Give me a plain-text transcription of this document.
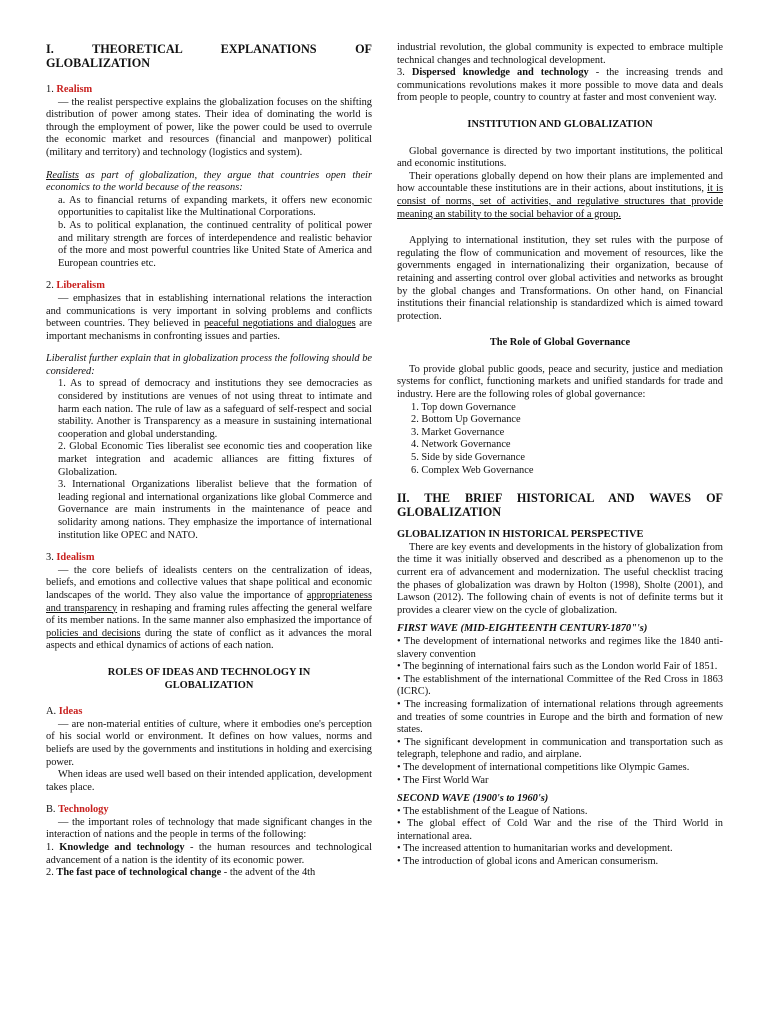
I. THEORETICAL EXPLANATIONS OF
GLOBALIZATION

1. Realism

— the realist perspective explains the globalization focuses on the shifting distribution of power among states. Their idea of dominating the world is through the employment of power, like the power could be used to overrule the economic market and resources (financial and manpower) political (military and territory) and technology (logistics and system).

Realists as part of globalization, they argue that countries open their economics to the world because of the reasons:

a. As to financial returns of expanding markets, it offers new economic opportunities to capitalist like the Multinational Corporations.

b. As to political explanation, the continued centrality of political power and military strength are forces of interdependence and realistic behavior of the more and most powerful countries like United State of America and European countries etc.

2. Liberalism

— emphasizes that in establishing international relations the interaction and communications is very important in solving problems and conflicts between countries. They believed in peaceful negotiations and dialogues are important mechanisms in confronting issues and parties.

Liberalist further explain that in globalization process the following should be considered:

1. As to spread of democracy and institutions they see democracies as considered by institutions are venues of not using threat to intimate and harm each nation. The rule of law as a safeguard of self-respect and social stability. Another is Transparency as a measure in sustaining international cooperation and global understanding.

2. Global Economic Ties liberalist see economic ties and cooperation like market integration and academic alliances are fitting fixtures of Globalization.

3. International Organizations liberalist believe that the formation of leading regional and international organizations like global Commerce and Governance are main instruments in the maintenance of peace and solidarity among nations. They emphasize the importance of international institution like OPEC and NATO.

3. Idealism

— the core beliefs of idealists centers on the centralization of ideas, beliefs, and emotions and collective values that shape political and economic landscapes of the world. They also value the importance of appropriateness and transparency in reshaping and framing rules affecting the general welfare of its member nations. In the same manner also emphasized the importance of policies and decisions during the state of conflict as it advances the moral aspects and ethical dynamics of actions of each nation.

ROLES OF IDEAS AND TECHNOLOGY IN
GLOBALIZATION

A. Ideas

— are non-material entities of culture, where it embodies one's perception of his social world or environment. It defines on how values, norms and beliefs are used by the governments and institutions in holding and exercising power.

When ideas are used well based on their intended application, development takes place.

B. Technology

— the important roles of technology that made significant changes in the interaction of nations and the people in terms of the following:

1. Knowledge and technology - the human resources and technological advancement of a nation is the identity of its economic power.

2. The fast pace of technological change - the advent of the 4th

industrial revolution, the global community is expected to embrace multiple technical changes and technological development.

3. Dispersed knowledge and technology - the increasing trends and communications revolutions makes it more possible to move data and deals from people to people, country to country at faster and most convenient way.

INSTITUTION AND GLOBALIZATION

Global governance is directed by two important institutions, the political and economic institutions.

Their operations globally depend on how their plans are implemented and how accountable these institutions are in their actions, about institutions, it is consist of norms, set of activities, and regulative structures that provide meaning an stability to the social behavior of a group.

Applying to international institution, they set rules with the purpose of regulating the flow of communication and movement of resources, like the governments engaged in internationalizing their organization, because of retaining and asserting control over global activities and networks as brought by the global changes and Transformations. On other hand, on Financial institutions their financial relationship is standardized which is aimed toward protection.

The Role of Global Governance

To provide global public goods, peace and security, justice and mediation systems for conflict, functioning markets and unified standards for trade and industry. Here are the following roles of global governance:

1. Top down Governance

2. Bottom Up Governance

3. Market Governance

4. Network Governance

5. Side by side Governance

6. Complex Web Governance

II. THE BRIEF HISTORICAL AND WAVES OF
GLOBALIZATION

GLOBALIZATION IN HISTORICAL PERSPECTIVE

There are key events and developments in the history of globalization from the time it was initially observed and described as a phenomenon up to the current era of advancement and modernization. The useful checklist tracing the phases of globalization was drawn by Holton (1998), Sholte (2001), and Lawson (2012). The following chain of events is not of definite terms but it provides a clearer view on the cycle of globalization.

FIRST WAVE (MID-EIGHTEENTH CENTURY-1870"'s)

• The development of international networks and regimes like the 1840 anti-slavery convention

• The beginning of international fairs such as the London world Fair of 1851.

• The establishment of the international Committee of the Red Cross in 1863 (ICRC).

• The increasing formalization of international relations through agreements and treaties of some countries in Europe and the birth and formation of new states.

• The significant development in communication and transportation such as telegraph, telephone and radio, and airplane.

• The development of international competitions like Olympic Games.

• The First World War

SECOND WAVE (1900's to 1960's)

• The establishment of the League of Nations.

• The global effect of Cold War and the rise of the Third World in international area.

• The increased attention to humanitarian works and development.

• The introduction of global icons and American consumerism.
